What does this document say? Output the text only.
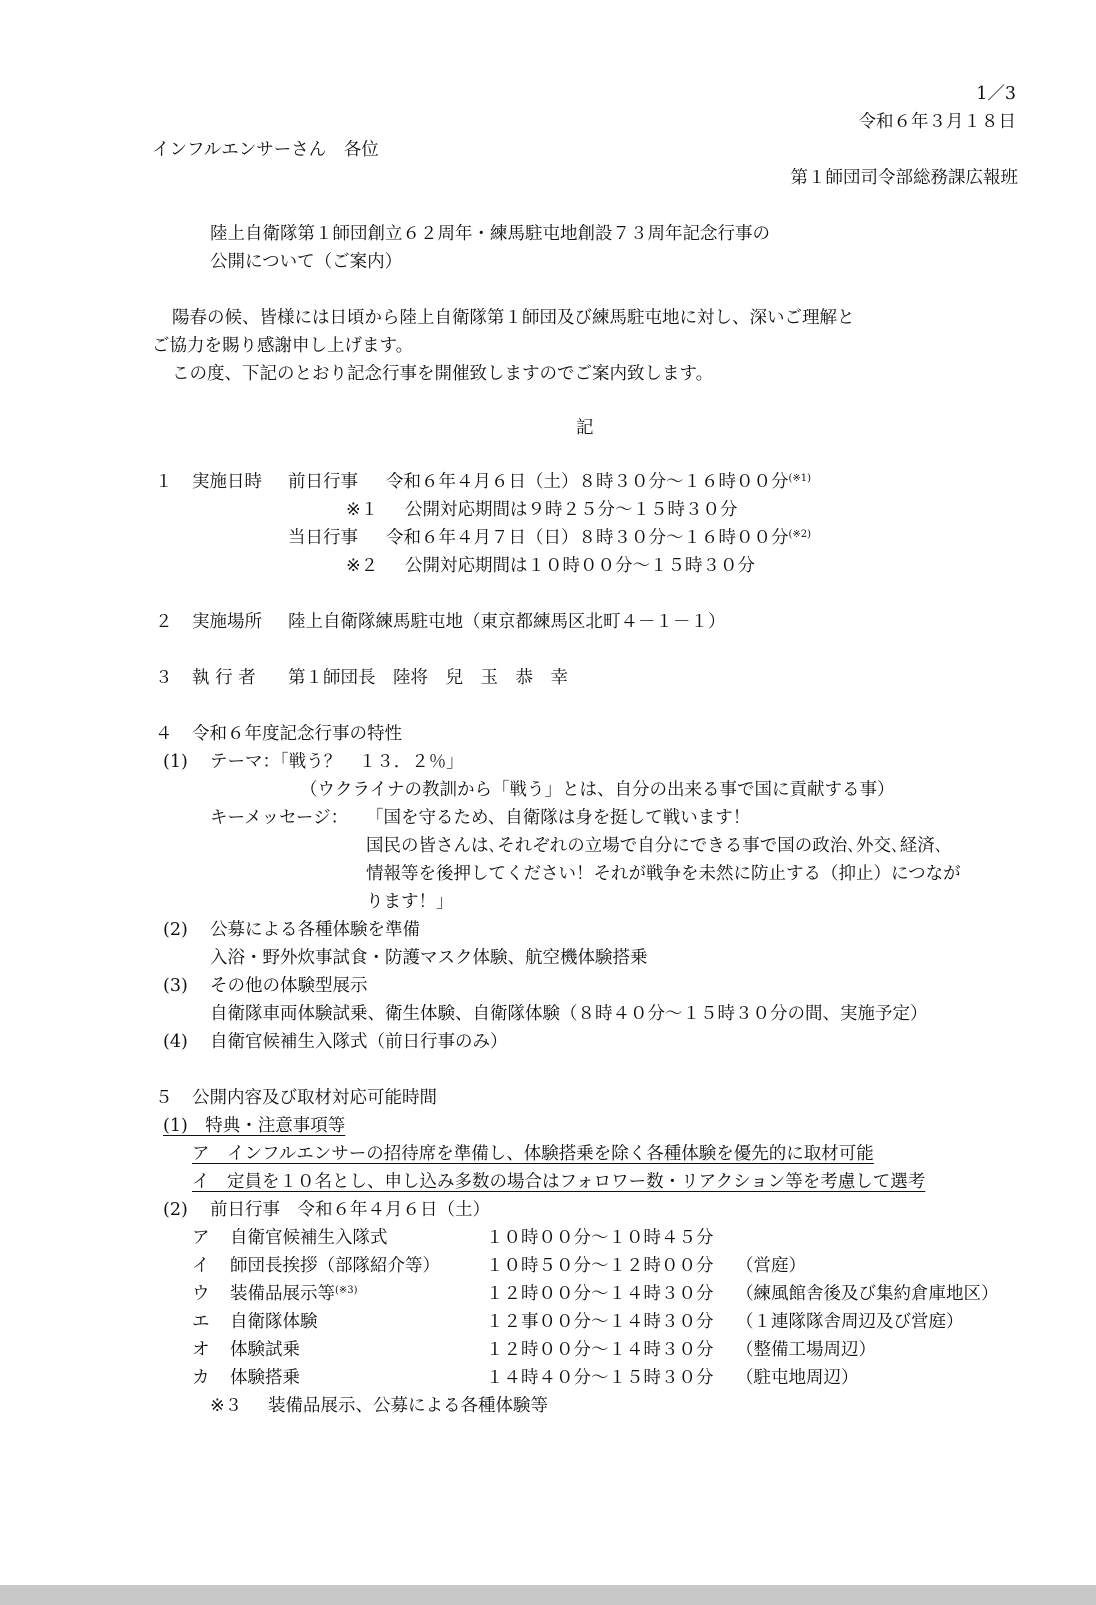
1／3
令和６年３月１８日
インフルエンサーさん　各位
第１師団司令部総務課広報班
陸上自衛隊第１師団創立６２周年・練馬駐屯地創設７３周年記念行事の
公開について（ご案内）
陽春の候、皆様には日頃から陸上自衛隊第１師団及び練馬駐屯地に対し、深いご理解と
ご協力を賜り感謝申し上げます。
この度、下記のとおり記念行事を開催致しますのでご案内致します。
記
１ 実施日時 前日行事 令和６年４月６日（土）８時３０分～１６時００分$^{(※1)}$
※１ 公開対応期間は９時２５分～１５時３０分
当日行事 令和６年４月７日（日）８時３０分～１６時００分$^{(※2)}$
※２ 公開対応期間は１０時００分～１５時３０分
２ 実施場所 陸上自衛隊練馬駐屯地（東京都練馬区北町４－１－１）
３ 執 行 者 第１師団長　陸将　兒　玉　恭　幸
４ 令和６年度記念行事の特性
(1) テーマ：「戦う？　１３．２％」
（ウクライナの教訓から「戦う」とは、自分の出来る事で国に貢献する事）
キーメッセージ： 「国を守るため、自衛隊は身を挺して戦います！
国民の皆さんは､それぞれの立場で自分にできる事で国の政治､外交､経済､
情報等を後押してください！それが戦争を未然に防止する（抑止）につなが
ります！」
(2) 公募による各種体験を準備
入浴・野外炊事試食・防護マスク体験、航空機体験搭乗
(3) その他の体験型展示
自衛隊車両体験試乗、衛生体験、自衛隊体験（８時４０分～１５時３０分の間、実施予定）
(4) 自衛官候補生入隊式（前日行事のみ）
５ 公開内容及び取材対応可能時間
(1)　特典・注意事項等
ア　インフルエンサーの招待席を準備し、体験搭乗を除く各種体験を優先的に取材可能
イ　定員を１０名とし、申し込み多数の場合はフォロワー数・リアクション等を考慮して選考
(2) 前日行事　令和６年４月６日（土）
ア 自衛官候補生入隊式	１０時００分～１０時４５分
イ 師団長挨拶（部隊紹介等）	１０時５０分～１２時００分 （営庭）
ウ 装備品展示等$^{(※3)}$	１２時００分～１４時３０分 （練風館舎後及び集約倉庫地区）
エ 自衛隊体験	１２事００分～１４時３０分 （１連隊隊舎周辺及び営庭）
オ 体験試乗	１２時００分～１４時３０分 （整備工場周辺）
カ 体験搭乗	１４時４０分～１５時３０分 （駐屯地周辺）
※３ 装備品展示、公募による各種体験等
